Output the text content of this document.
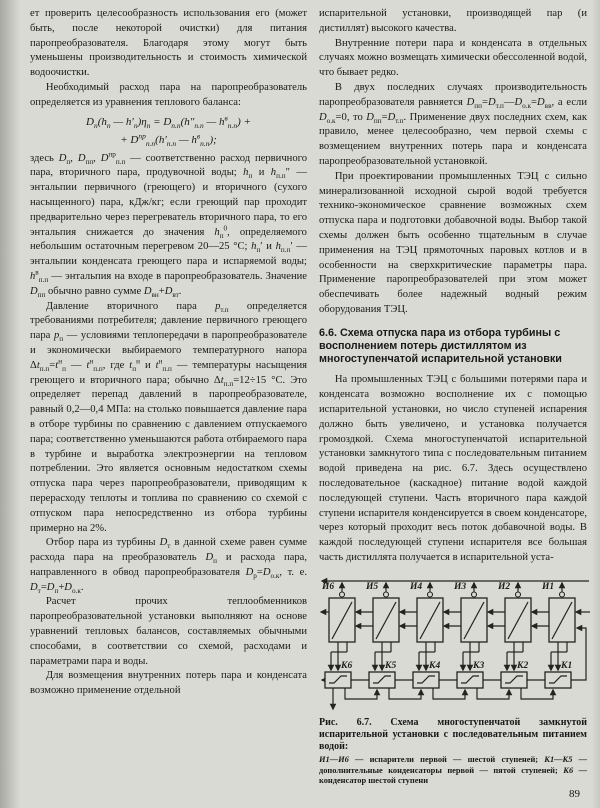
ет проверить целесообразность использования его (может быть, после некоторой очистки) для питания паропреобразователя. Благодаря этому могут быть уменьшены производительность и стоимость химической водоочистки.

Необходимый расход пара на паропреобразователь определяется из уравнения теплового баланса:

$D_п(h_п$ — $h'_п)\eta_п = D_{п.п}(h''_{п.п}$ — $h^в_{п.п}$) +

+ $D^{пр}_{п.п}(h'_{п.п}$ — $h^в_{п.п}$);

здесь $D_п$, $D_{пп}$, $D^{пр}_{п.п}$ — соответственно расход первичного пара, вторичного пара, продувочной воды; $h_п$ и $h_{п.п}''$ — энтальпии первичного (греющего) и вторичного (сухого насыщенного) пара, кДж/кг; если греющий пар проходит предварительно через перегреватель вторичного пара, то его энтальпия снижается до значения $h_п^0$, определяемого небольшим остаточным перегревом 20—25 °С; $h_п'$ и $h_{п.п}'$ — энтальпии конденсата греющего пара и испаряемой воды; $h^в_{п.п}$ — энтальпия на входе в паропреобразователь. Значение $D_{пп}$ обычно равно сумме $D_{вн}+D_{вт}$.

Давление вторичного пара $p_{т.п}$ определяется требованиями потребителя; давление первичного греющего пара $p_п$ — условиями теплопередачи в паропреобразователе и экономически выбираемого температурного напора $\Delta t_{п.п}=t^н_п$ — $t^н_{п.п}$, где $t_п^н$ и $t^н_{п.п}$ — температуры насыщения греющего и вторичного пара; обычно $\Delta t_{п.п}=12\div 15$ °С. Это определяет перепад давлений в паропреобразователе, равный 0,2—0,4 МПа: на столько повышается давление пара в отборе турбины по сравнению с давлением отпускаемого пара; соответственно уменьшаются работа отбираемого пара в турбине и выработка электроэнергии на тепловом потреблении. Это является основным недостатком схемы отпуска пара через паропреобразователи, приводящим к перерасходу теплоты и топлива по сравнению со схемой с отпуском пара непосредственно из отбора турбины примерно на 2%.

Отбор пара из турбины $D_т$ в данной схеме равен сумме расхода пара на преобразователь $D_п$ и расхода пара, направленного в обвод паропреобразователя $D_р=D_{о.к}$, т. е. $D_т=D_п+D_{о.к}$.

Расчет прочих теплообменников паропреобразовательной установки выполняют на основе уравнений тепловых балансов, составляемых обычными способами, в соответствии со схемой, расходами и параметрами пара и воды.

Для возмещения внутренних потерь пара и конденсата возможно применение отдельной

испарительной установки, производящей пар (и дистиллят) высокого качества.

Внутренние потери пара и конденсата в отдельных случаях можно возмещать химически обессоленной водой, что бывает редко.

В двух последних случаях производительность паропреобразователя равняется $D_{пп}=D_{т.п}—D_{о.к}=D_{вв}$, а если $D_{о.к}=0$, то $D_{пп}=D_{т.п}$. Применение двух последних схем, как правило, менее целесообразно, чем первой схемы с возмещением внутренних потерь пара и конденсата паропреобразовательной установкой.

При проектировании промышленных ТЭЦ с сильно минерализованной исходной сырой водой требуется технико-экономическое сравнение возможных схем отпуска пара и подготовки добавочной воды. Выбор такой схемы должен быть особенно тщательным в случае применения на ТЭЦ прямоточных паровых котлов и в особенности на сверхкритические параметры пара. Применение паропреобразователей при этом может обеспечивать более надежный водный режим оборудования ТЭЦ.

6.6. Схема отпуска пара из отбора турбины с восполнением потерь дистиллятом из многоступенчатой испарительной установки

На промышленных ТЭЦ с большими потерями пара и конденсата возможно восполнение их с помощью испарительной установки, но число ступеней испарения должно быть увеличено, и установка получается громоздкой. Схема многоступенчатой испарительной установки замкнутого типа с последовательным питанием водой приведена на рис. 6.7. Здесь осуществлено последовательное (каскадное) питание водой каждой последующей ступени. Часть вторичного пара каждой ступени испарителя конденсируется в своем конденсаторе, через который проходит весь поток добавочной воды. В каждой последующей ступени испарителя все большая часть дистиллята получается в испарительной уста-

И6
К6
И5
К5
И4
К4
И3
К3
И2
К2
И1
К1

Рис. 6.7. Схема многоступенчатой замкнутой испарительной установки с последовательным питанием водой:

И1—И6 — испарители первой — шестой ступеней; К1—К5 — дополнительные конденсаторы первой — пятой ступеней; К6 — конденсатор шестой ступени

89
